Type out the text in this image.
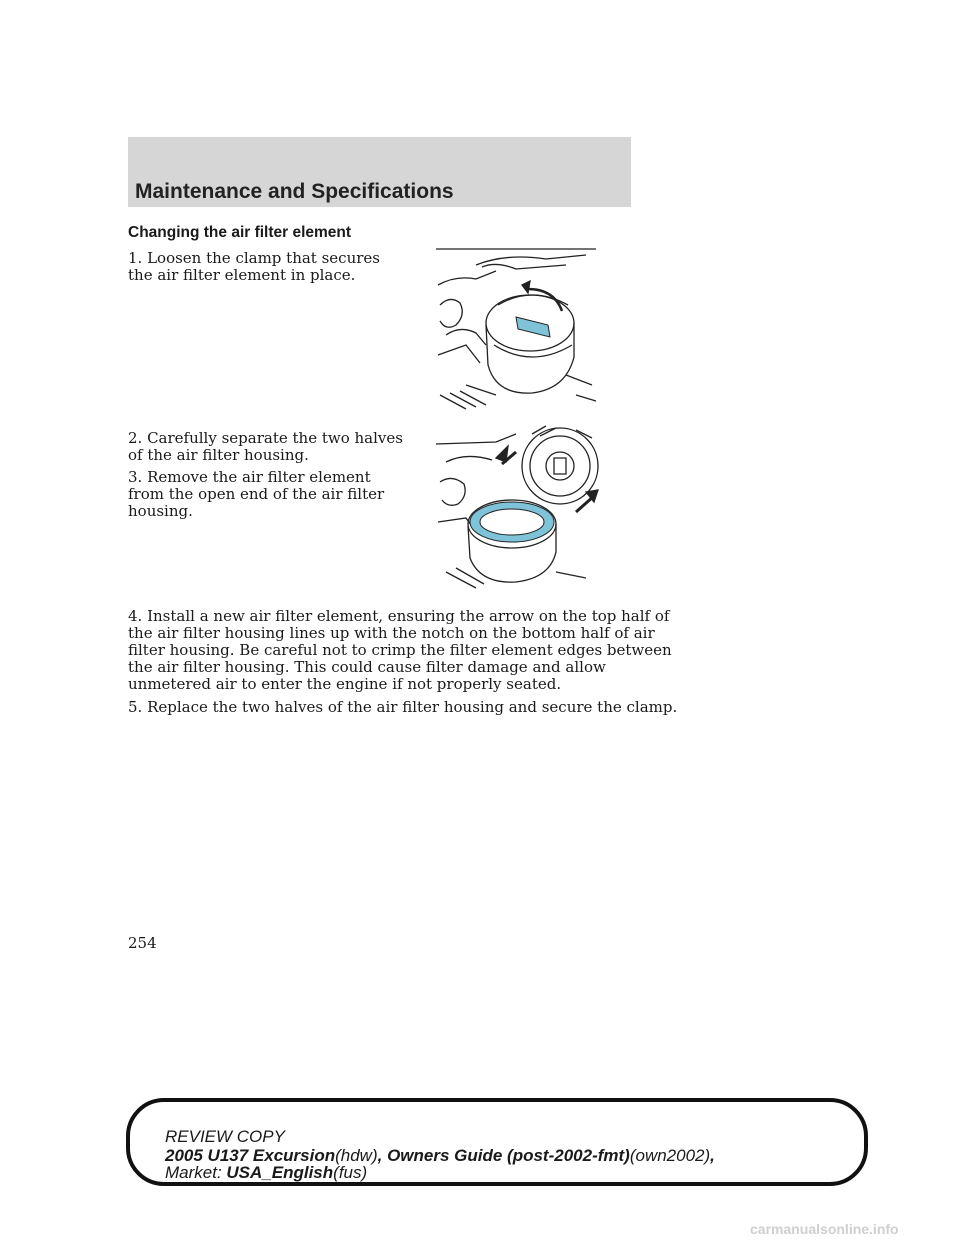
Maintenance and Specifications
Changing the air filter element
1. Loosen the clamp that secures
the air filter element in place.
2. Carefully separate the two halves
of the air filter housing.
3. Remove the air filter element
from the open end of the air filter
housing.
4. Install a new air filter element, ensuring the arrow on the top half of
the air filter housing lines up with the notch on the bottom half of air
filter housing. Be careful not to crimp the filter element edges between
the air filter housing. This could cause filter damage and allow
unmetered air to enter the engine if not properly seated.
5. Replace the two halves of the air filter housing and secure the clamp.
254
REVIEW COPY
2005 U137 Excursion(hdw), Owners Guide (post-2002-fmt)(own2002),
Market: USA_English(fus)
carmanualsonline.info
